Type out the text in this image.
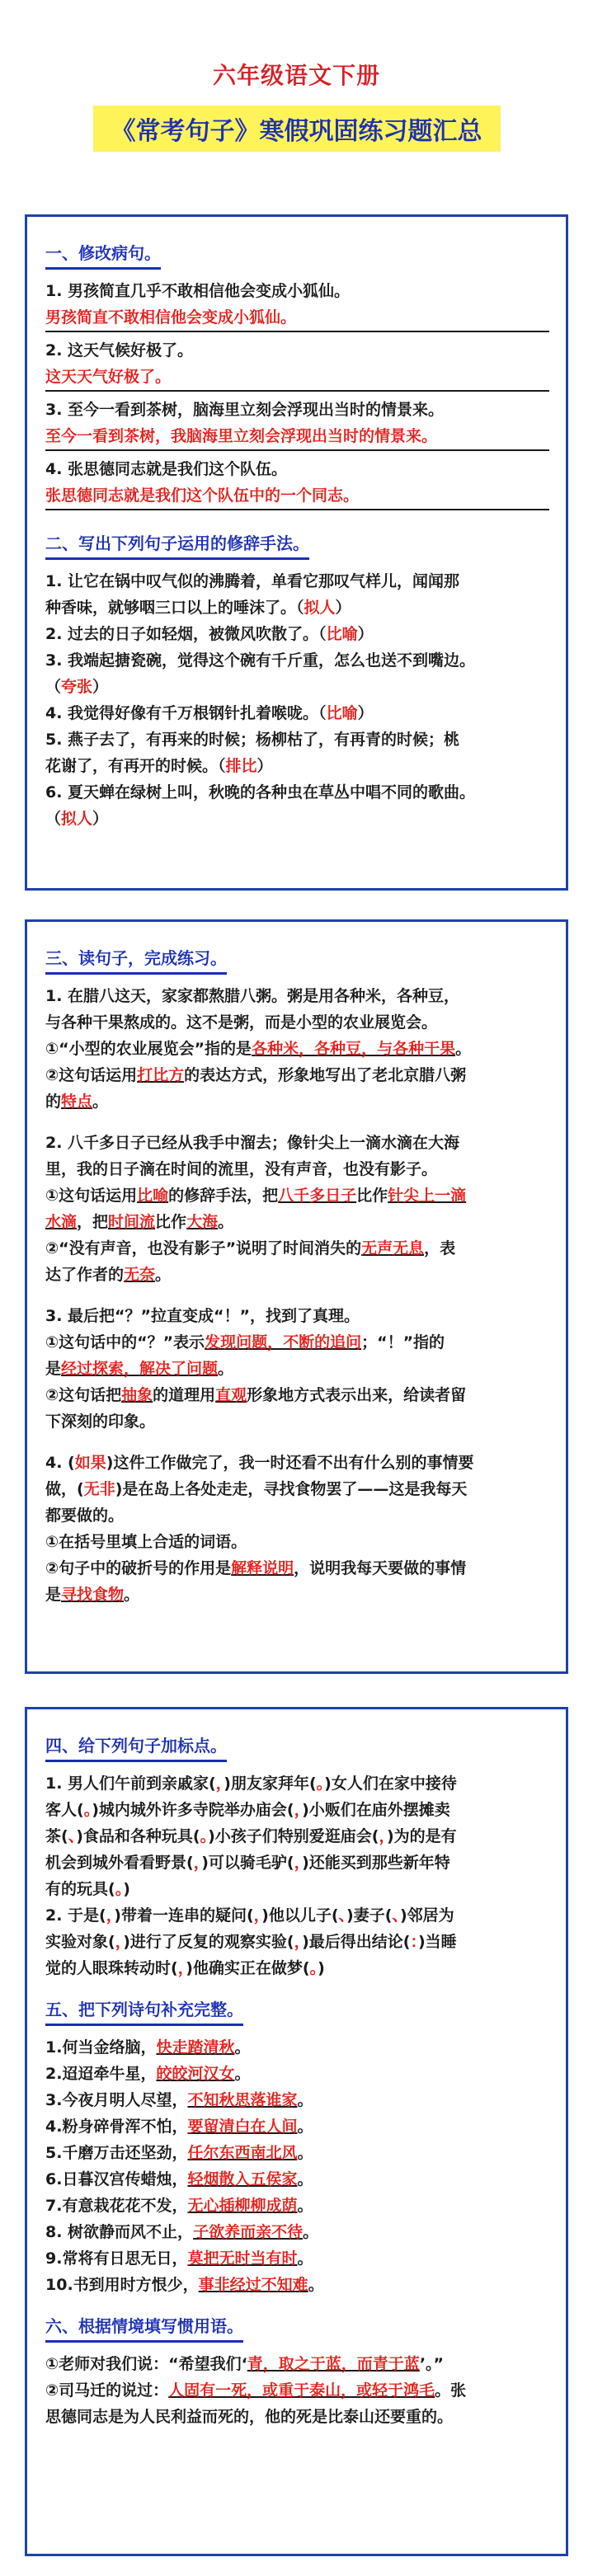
六年级语文下册
《常考句子》寒假巩固练习题汇总
一、修改病句。

1. 男孩简直几乎不敢相信他会变成小狐仙。

男孩简直不敢相信他会变成小狐仙。

2. 这天气候好极了。

这天天气好极了。

3. 至今一看到茶树，脑海里立刻会浮现出当时的情景来。

至今一看到茶树，我脑海里立刻会浮现出当时的情景来。

4. 张思德同志就是我们这个队伍。

张思德同志就是我们这个队伍中的一个同志。
二、写出下列句子运用的修辞手法。

1. 让它在锅中叹气似的沸腾着，单看它那叹气样儿，闻闻那

种香味，就够咽三口以上的唾沫了。（拟人）

2. 过去的日子如轻烟，被微风吹散了。（比喻）

3. 我端起搪瓷碗，觉得这个碗有千斤重，怎么也送不到嘴边。

（夸张）

4. 我觉得好像有千万根钢针扎着喉咙。（比喻）

5. 燕子去了，有再来的时候；杨柳枯了，有再青的时候；桃

花谢了，有再开的时候。（排比）

6. 夏天蝉在绿树上叫，秋晚的各种虫在草丛中唱不同的歌曲。

（拟人）

三、读句子，完成练习。

1. 在腊八这天，家家都熬腊八粥。粥是用各种米，各种豆，

与各种干果熬成的。这不是粥，而是小型的农业展览会。

①“小型的农业展览会”指的是各种米，各种豆，与各种干果。

②这句话运用打比方的表达方式，形象地写出了老北京腊八粥

的特点。

2. 八千多日子已经从我手中溜去；像针尖上一滴水滴在大海

里，我的日子滴在时间的流里，没有声音，也没有影子。

①这句话运用比喻的修辞手法，把八千多日子比作针尖上一滴

水滴，把时间流比作大海。

②“没有声音，也没有影子”说明了时间消失的无声无息，表

达了作者的无奈。

3. 最后把“？”拉直变成“！”，找到了真理。

①这句话中的“？”表示发现问题，不断的追问；“！”指的

是经过探索，解决了问题。

②这句话把抽象的道理用直观形象地方式表示出来，给读者留

下深刻的印象。

4. (如果)这件工作做完了，我一时还看不出有什么别的事情要

做，(无非)是在岛上各处走走，寻找食物罢了——这是我每天

都要做的。

①在括号里填上合适的词语。

②句子中的破折号的作用是解释说明，说明我每天要做的事情

是寻找食物。

四、给下列句子加标点。

1. 男人们午前到亲戚家(，)朋友家拜年(。)女人们在家中接待

客人(。)城内城外许多寺院举办庙会(，)小贩们在庙外摆摊卖

茶(、)食品和各种玩具(。)小孩子们特别爱逛庙会(，)为的是有

机会到城外看看野景(，)可以骑毛驴(，)还能买到那些新年特

有的玩具(。)

2. 于是(，)带着一连串的疑问(，)他以儿子(、)妻子(、)邻居为

实验对象(，)进行了反复的观察实验(，)最后得出结论(：)当睡

觉的人眼珠转动时(，)他确实正在做梦(。)

五、把下列诗句补充完整。

1.何当金络脑，快走踏清秋。

2.迢迢牵牛星，皎皎河汉女。

3.今夜月明人尽望，不知秋思落谁家。

4.粉身碎骨浑不怕，要留清白在人间。

5.千磨万击还坚劲，任尔东西南北风。

6.日暮汉宫传蜡烛，轻烟散入五侯家。

7.有意栽花花不发，无心插柳柳成荫。

8. 树欲静而风不止，子欲养而亲不待。

9.常将有日思无日，莫把无时当有时。

10.书到用时方恨少，事非经过不知难。

六、根据情境填写惯用语。

①老师对我们说：“希望我们‘青，取之于蓝，而青于蓝’。”

②司马迁的说过：人固有一死，或重于泰山，或轻于鸿毛。张

思德同志是为人民利益而死的，他的死是比泰山还要重的。
